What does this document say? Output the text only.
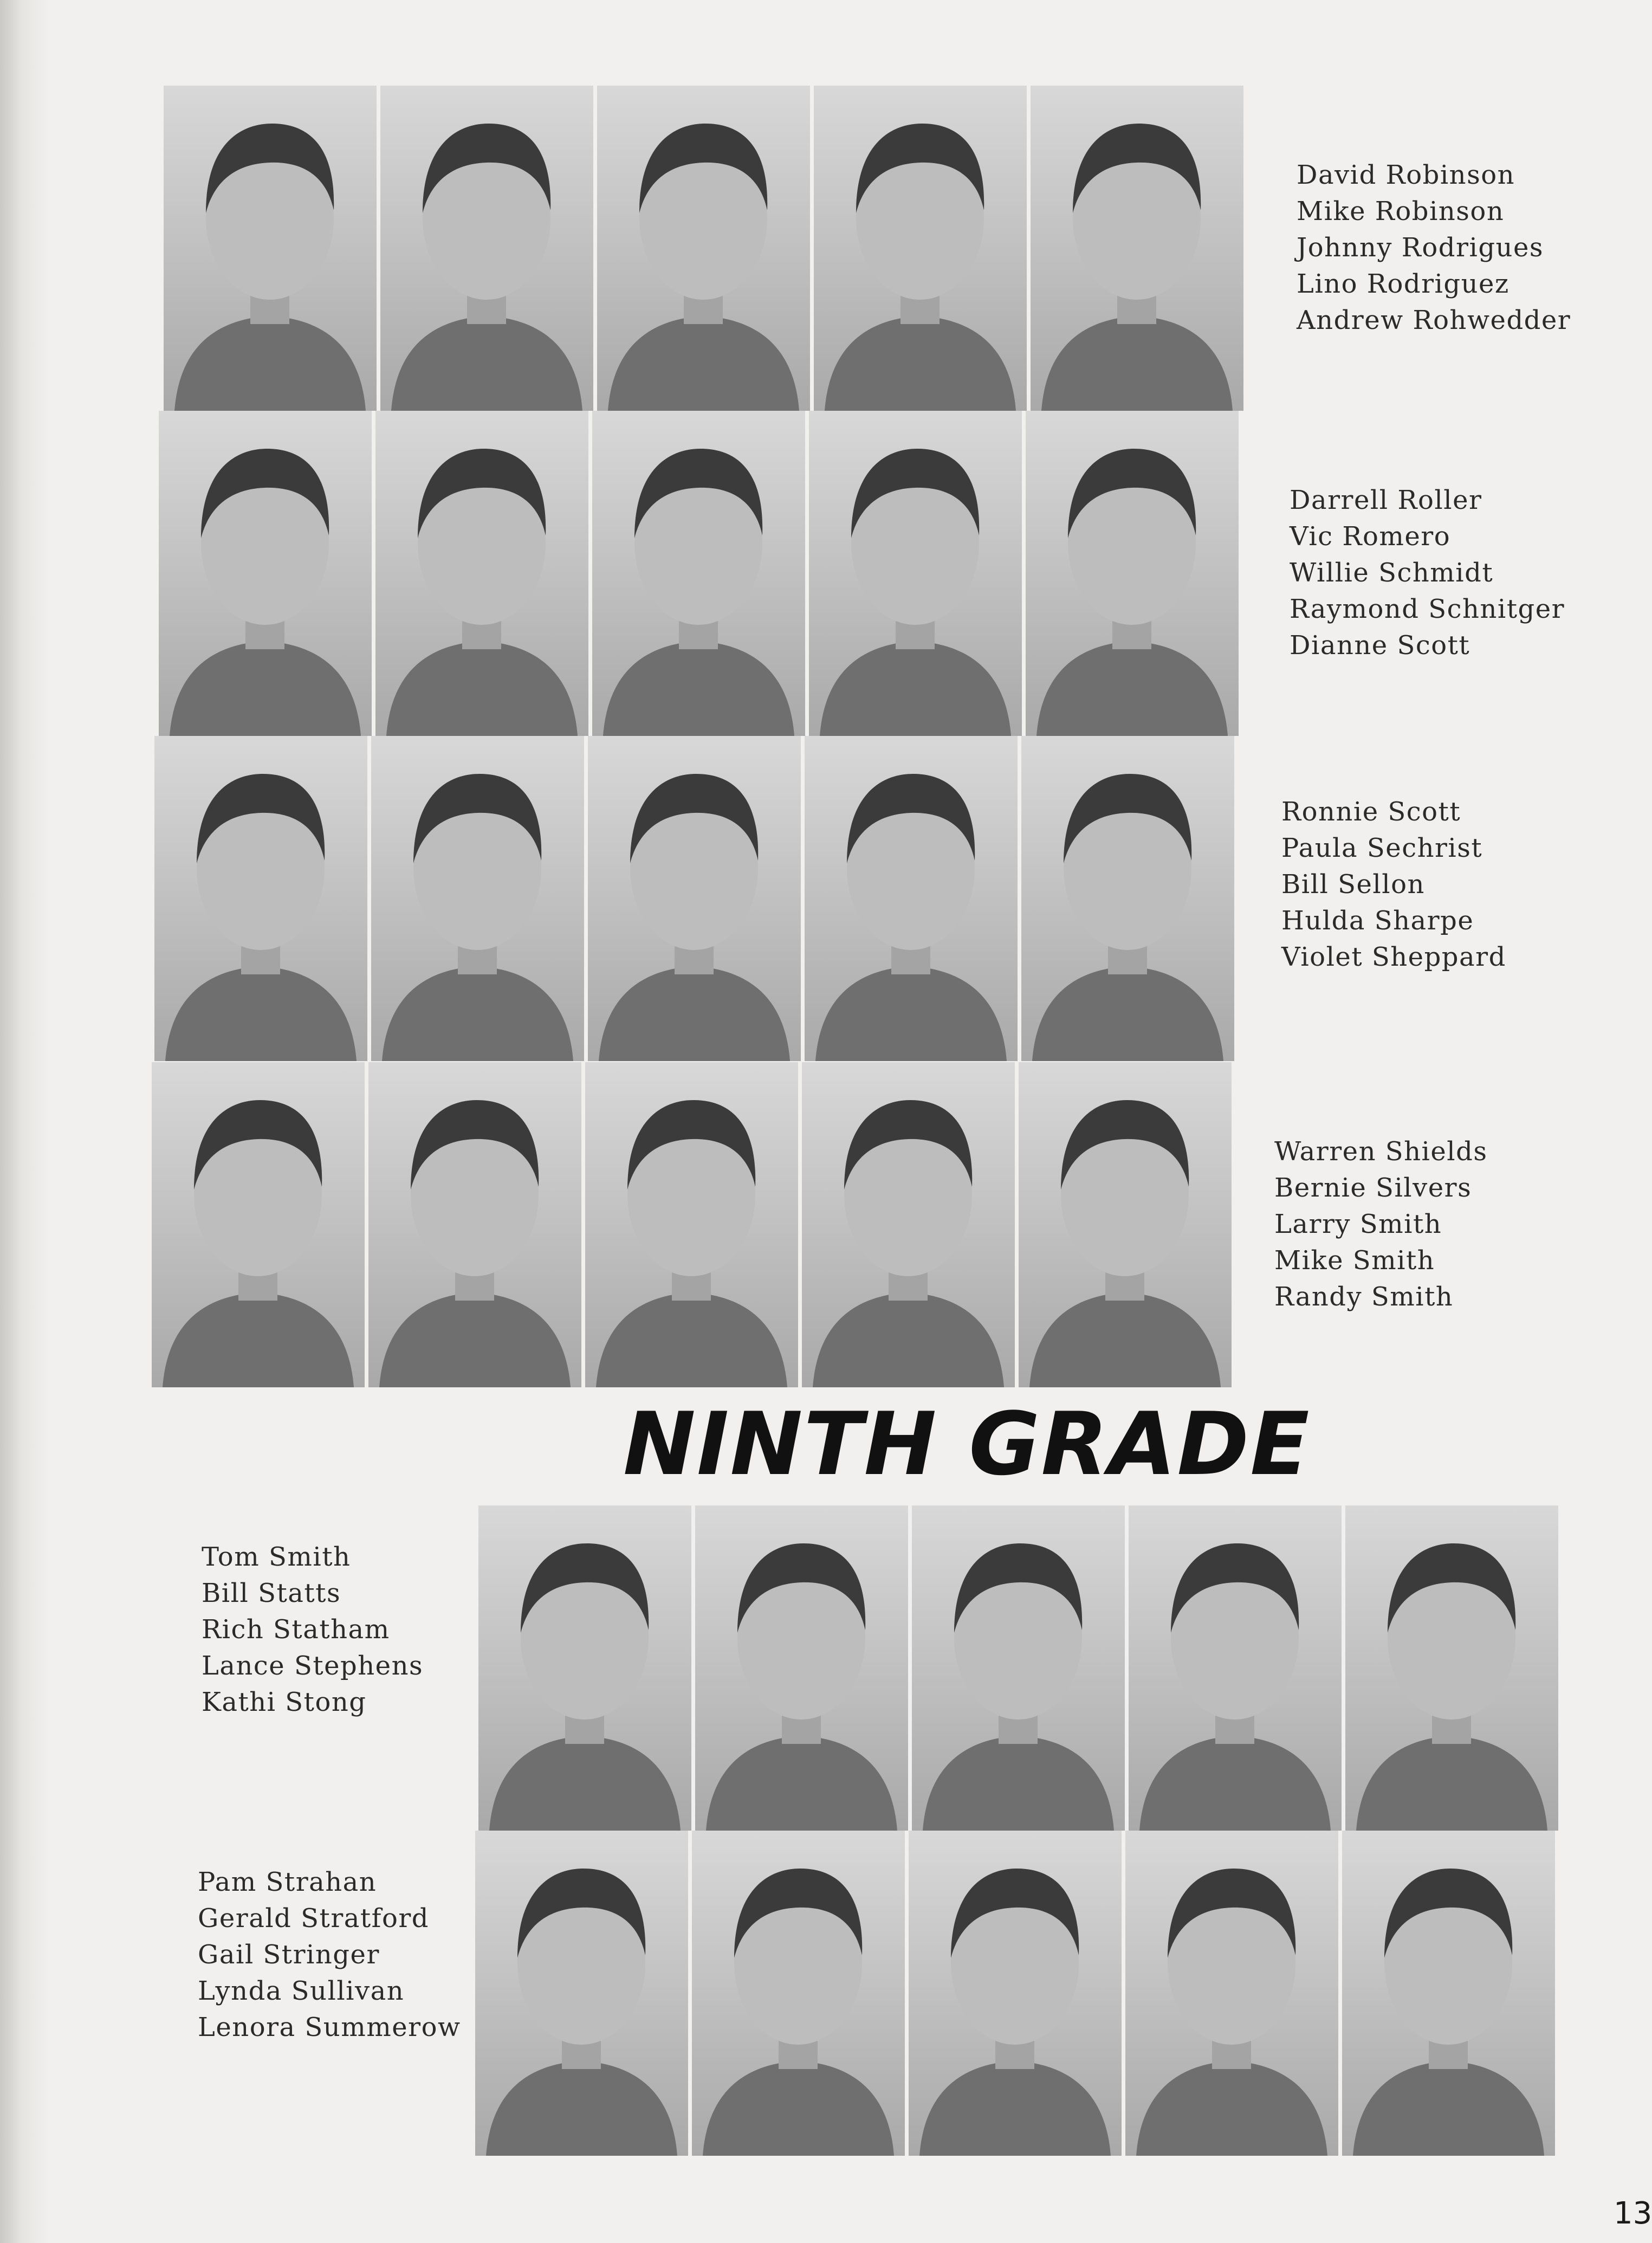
David Robinson
Mike Robinson
Johnny Rodrigues
Lino Rodriguez
Andrew Rohwedder
Darrell Roller
Vic Romero
Willie Schmidt
Raymond Schnitger
Dianne Scott
Ronnie Scott
Paula Sechrist
Bill Sellon
Hulda Sharpe
Violet Sheppard
Warren Shields
Bernie Silvers
Larry Smith
Mike Smith
Randy Smith
NINTH GRADE
Tom Smith
Bill Statts
Rich Statham
Lance Stephens
Kathi Stong
Pam Strahan
Gerald Stratford
Gail Stringer
Lynda Sullivan
Lenora Summerow
13
